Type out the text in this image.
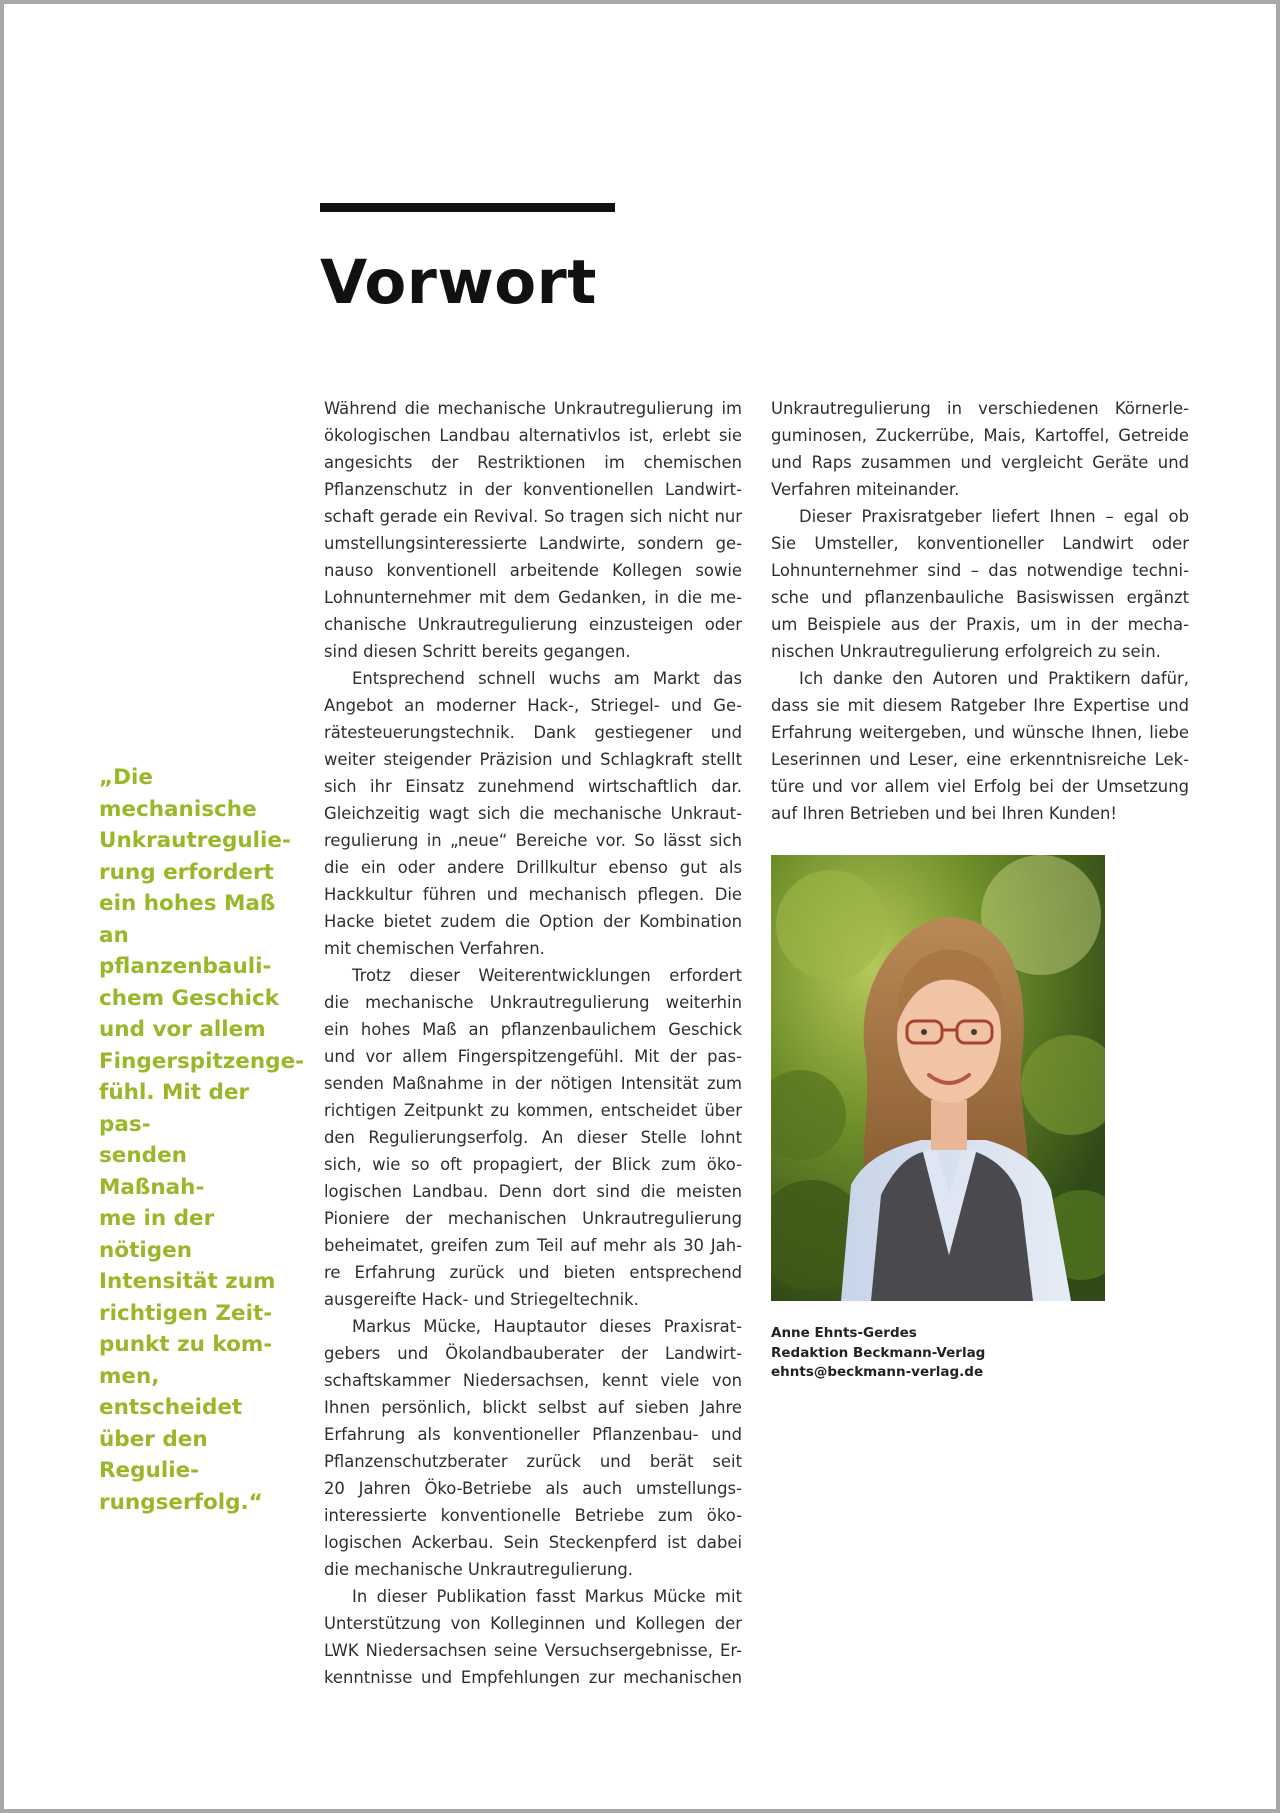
Vorwort

„Die mechanische
Unkrautregulie-
rung erfordert
ein hohes Maß an
pflanzenbauli-
chem Geschick
und vor allem
Fingerspitzenge-
fühl. Mit der pas-
senden Maßnah-
me in der nötigen
Intensität zum
richtigen Zeit-
punkt zu kom-
men, entscheidet
über den Regulie-
rungserfolg.“

Während die mechanische Unkrautregulierung im
ökologischen Landbau alternativlos ist, erlebt sie
angesichts der Restriktionen im chemischen
Pflanzenschutz in der konventionellen Landwirt-
schaft gerade ein Revival. So tragen sich nicht nur
umstellungsinteressierte Landwirte, sondern ge-
nauso konventionell arbeitende Kollegen sowie
Lohnunternehmer mit dem Gedanken, in die me-
chanische Unkrautregulierung einzusteigen oder
sind diesen Schritt bereits gegangen.
Entsprechend schnell wuchs am Markt das
Angebot an moderner Hack-, Striegel- und Ge-
rätesteuerungstechnik. Dank gestiegener und
weiter steigender Präzision und Schlagkraft stellt
sich ihr Einsatz zunehmend wirtschaftlich dar.
Gleichzeitig wagt sich die mechanische Unkraut-
regulierung in „neue“ Bereiche vor. So lässt sich
die ein oder andere Drillkultur ebenso gut als
Hackkultur führen und mechanisch pflegen. Die
Hacke bietet zudem die Option der Kombination
mit chemischen Verfahren.
Trotz dieser Weiterentwicklungen erfordert
die mechanische Unkrautregulierung weiterhin
ein hohes Maß an pflanzenbaulichem Geschick
und vor allem Fingerspitzengefühl. Mit der pas-
senden Maßnahme in der nötigen Intensität zum
richtigen Zeitpunkt zu kommen, entscheidet über
den Regulierungserfolg. An dieser Stelle lohnt
sich, wie so oft propagiert, der Blick zum öko-
logischen Landbau. Denn dort sind die meisten
Pioniere der mechanischen Unkrautregulierung
beheimatet, greifen zum Teil auf mehr als 30 Jah-
re Erfahrung zurück und bieten entsprechend
ausgereifte Hack- und Striegeltechnik.
Markus Mücke, Hauptautor dieses Praxisrat-
gebers und Ökolandbauberater der Landwirt-
schaftskammer Niedersachsen, kennt viele von
Ihnen persönlich, blickt selbst auf sieben Jahre
Erfahrung als konventioneller Pflanzenbau- und
Pflanzenschutzberater zurück und berät seit
20 Jahren Öko-Betriebe als auch umstellungs-
interessierte konventionelle Betriebe zum öko-
logischen Ackerbau. Sein Steckenpferd ist dabei
die mechanische Unkrautregulierung.
In dieser Publikation fasst Markus Mücke mit
Unterstützung von Kolleginnen und Kollegen der
LWK Niedersachsen seine Versuchsergebnisse, Er-
kenntnisse und Empfehlungen zur mechanischen
Unkrautregulierung in verschiedenen Körnerle-
guminosen, Zuckerrübe, Mais, Kartoffel, Getreide
und Raps zusammen und vergleicht Geräte und
Verfahren miteinander.
Dieser Praxisratgeber liefert Ihnen – egal ob
Sie Umsteller, konventioneller Landwirt oder
Lohnunternehmer sind – das notwendige techni-
sche und pflanzenbauliche Basiswissen ergänzt
um Beispiele aus der Praxis, um in der mecha-
nischen Unkrautregulierung erfolgreich zu sein.
Ich danke den Autoren und Praktikern dafür,
dass sie mit diesem Ratgeber Ihre Expertise und
Erfahrung weitergeben, und wünsche Ihnen, liebe
Leserinnen und Leser, eine erkenntnisreiche Lek-
türe und vor allem viel Erfolg bei der Umsetzung
auf Ihren Betrieben und bei Ihren Kunden!
Anne Ehnts-Gerdes
Redaktion Beckmann-Verlag
ehnts@beckmann-verlag.de
